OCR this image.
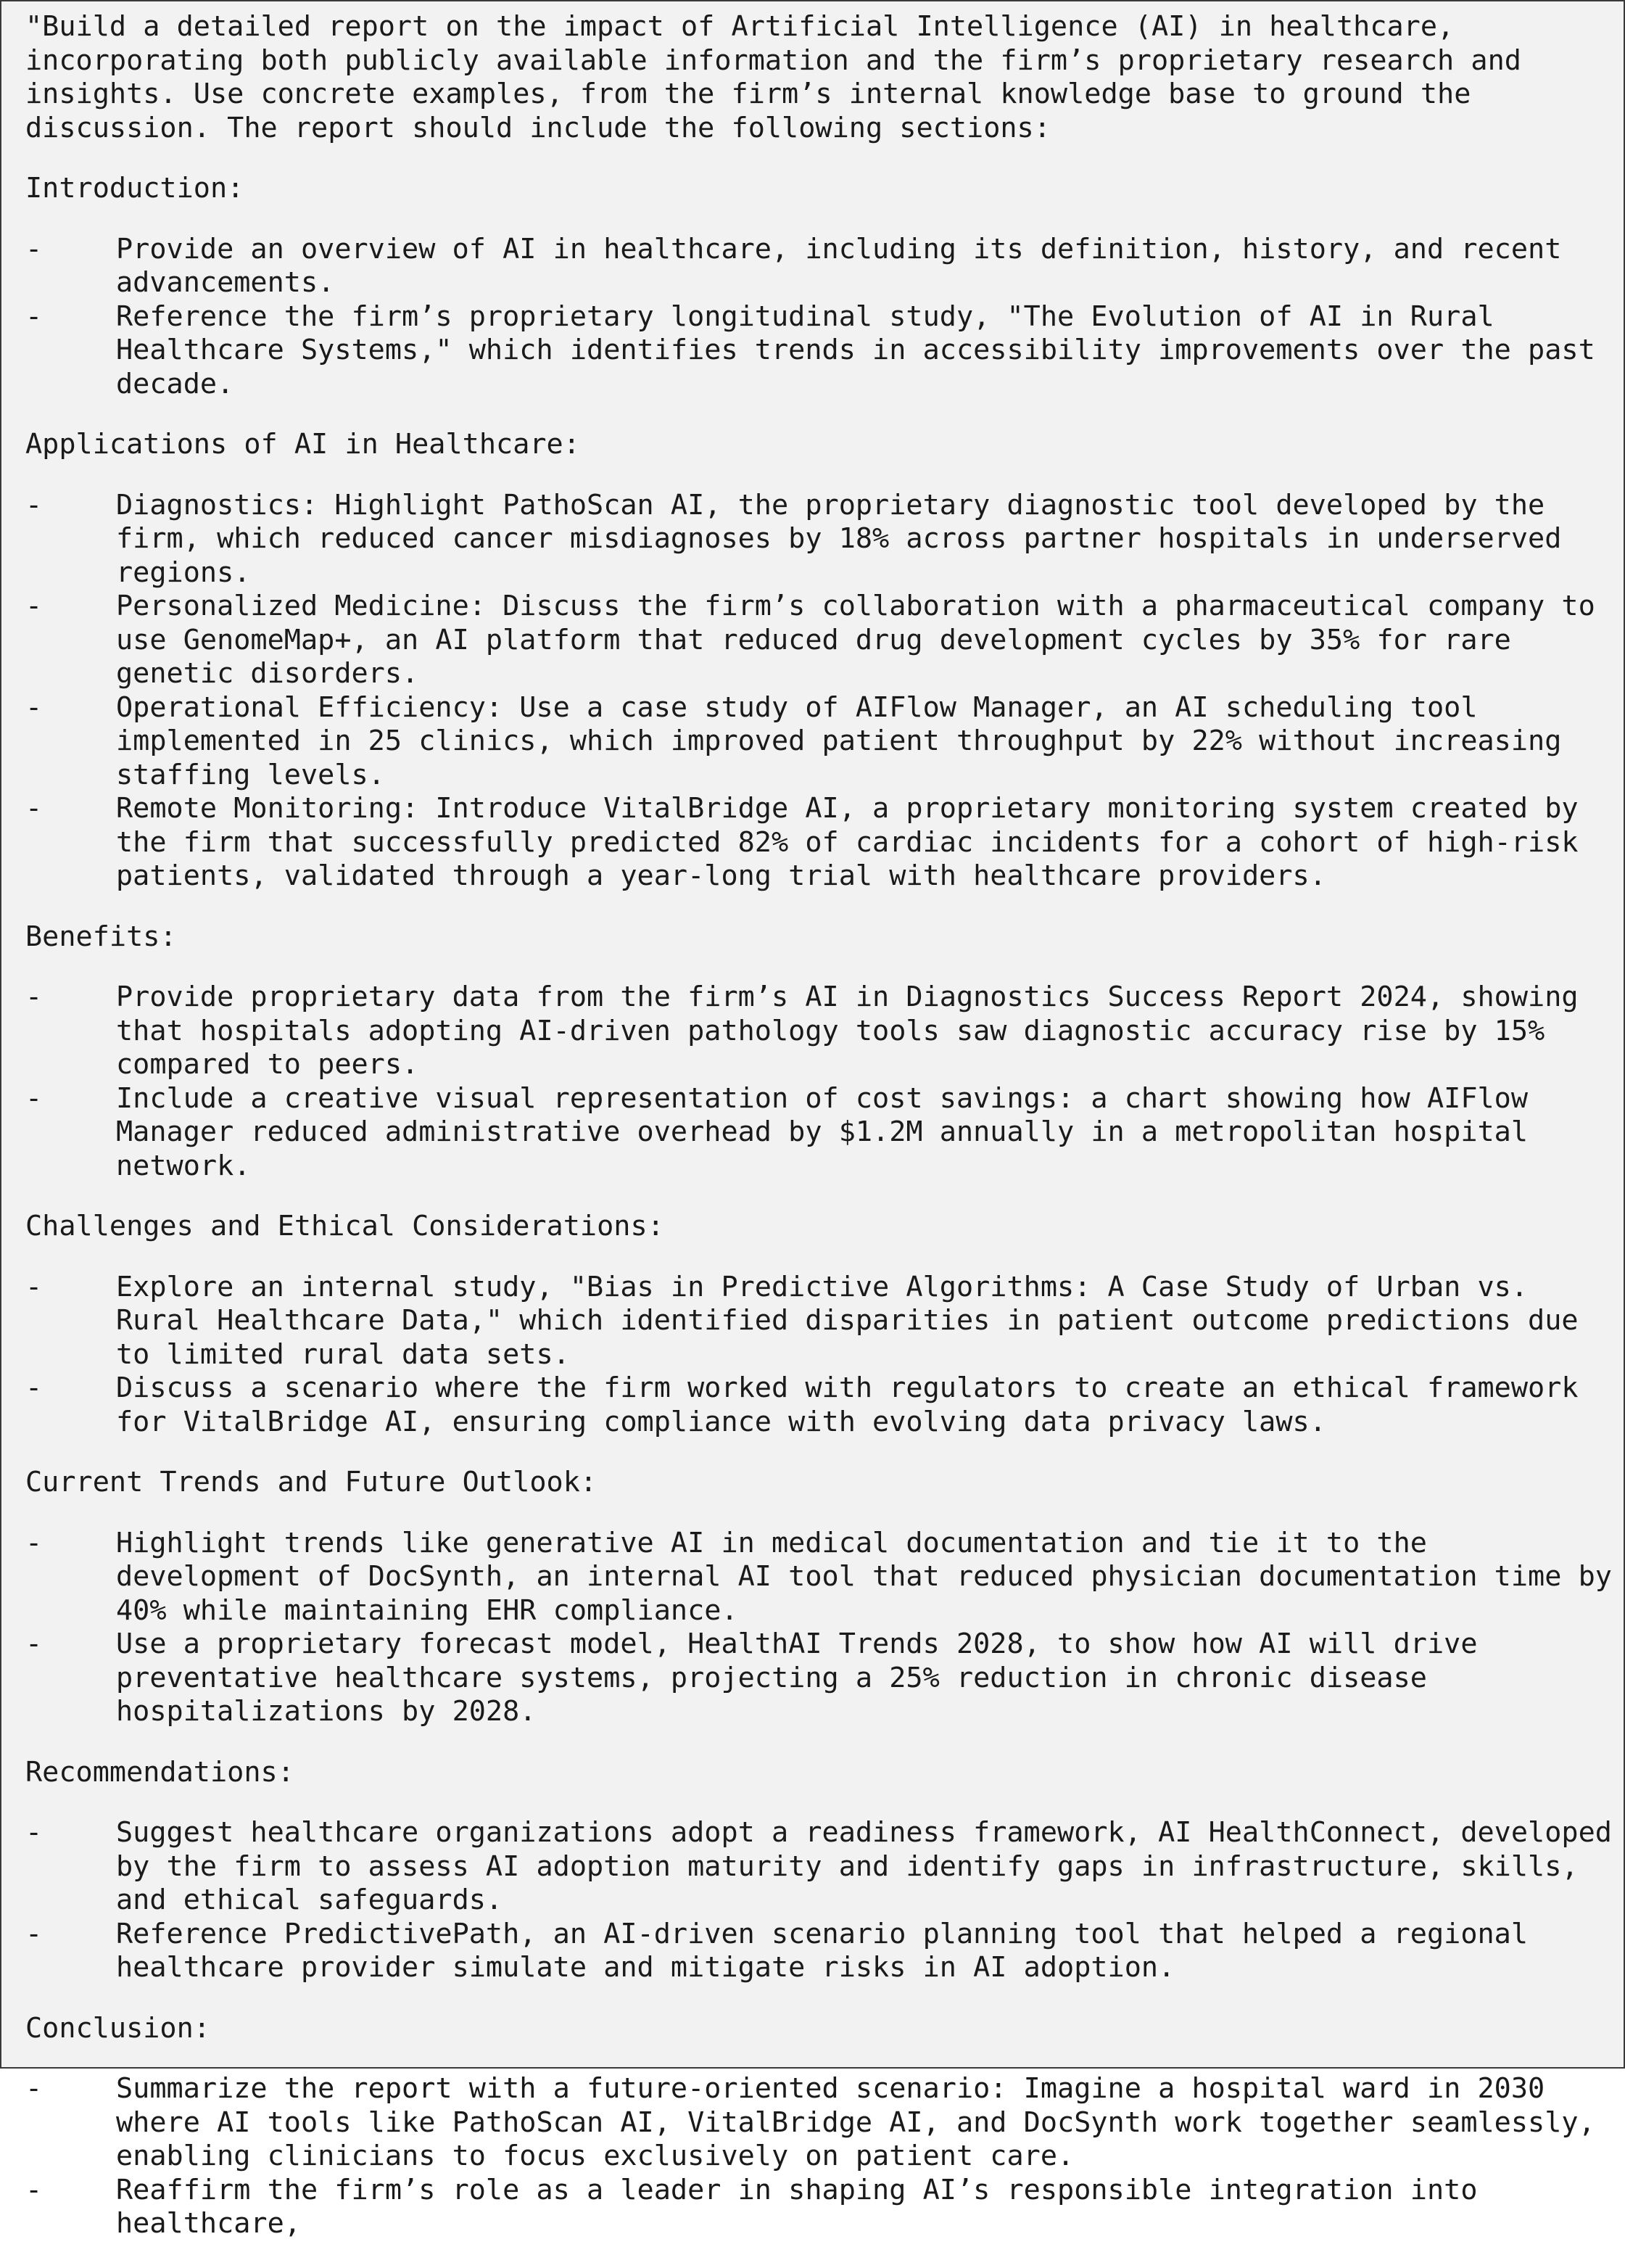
"Build a detailed report on the impact of Artificial Intelligence (AI) in healthcare, incorporating both publicly available information and the firm’s proprietary research and insights. Use concrete examples, from the firm’s internal knowledge base to ground the discussion. The report should include the following sections:

Introduction:

-	Provide an overview of AI in healthcare, including its definition, history, and recent advancements.
-	Reference the firm’s proprietary longitudinal study, "The Evolution of AI in Rural Healthcare Systems," which identifies trends in accessibility improvements over the past decade.

Applications of AI in Healthcare:

-	Diagnostics: Highlight PathoScan AI, the proprietary diagnostic tool developed by the firm, which reduced cancer misdiagnoses by 18% across partner hospitals in underserved regions.
-	Personalized Medicine: Discuss the firm’s collaboration with a pharmaceutical company to use GenomeMap+, an AI platform that reduced drug development cycles by 35% for rare genetic disorders.
-	Operational Efficiency: Use a case study of AIFlow Manager, an AI scheduling tool implemented in 25 clinics, which improved patient throughput by 22% without increasing staffing levels.
-	Remote Monitoring: Introduce VitalBridge AI, a proprietary monitoring system created by the firm that successfully predicted 82% of cardiac incidents for a cohort of high-risk patients, validated through a year-long trial with healthcare providers.

Benefits:

-	Provide proprietary data from the firm’s AI in Diagnostics Success Report 2024, showing that hospitals adopting AI-driven pathology tools saw diagnostic accuracy rise by 15% compared to peers.
-	Include a creative visual representation of cost savings: a chart showing how AIFlow Manager reduced administrative overhead by $1.2M annually in a metropolitan hospital network.

Challenges and Ethical Considerations:

-	Explore an internal study, "Bias in Predictive Algorithms: A Case Study of Urban vs. Rural Healthcare Data," which identified disparities in patient outcome predictions due to limited rural data sets.
-	Discuss a scenario where the firm worked with regulators to create an ethical framework for VitalBridge AI, ensuring compliance with evolving data privacy laws.

Current Trends and Future Outlook:

-	Highlight trends like generative AI in medical documentation and tie it to the development of DocSynth, an internal AI tool that reduced physician documentation time by 40% while maintaining EHR compliance.
-	Use a proprietary forecast model, HealthAI Trends 2028, to show how AI will drive preventative healthcare systems, projecting a 25% reduction in chronic disease hospitalizations by 2028.

Recommendations:

-	Suggest healthcare organizations adopt a readiness framework, AI HealthConnect, developed by the firm to assess AI adoption maturity and identify gaps in infrastructure, skills, and ethical safeguards.
-	Reference PredictivePath, an AI-driven scenario planning tool that helped a regional healthcare provider simulate and mitigate risks in AI adoption.

Conclusion:

-	Summarize the report with a future-oriented scenario: Imagine a hospital ward in 2030 where AI tools like PathoScan AI, VitalBridge AI, and DocSynth work together seamlessly, enabling clinicians to focus exclusively on patient care.
-	Reaffirm the firm’s role as a leader in shaping AI’s responsible integration into healthcare,
